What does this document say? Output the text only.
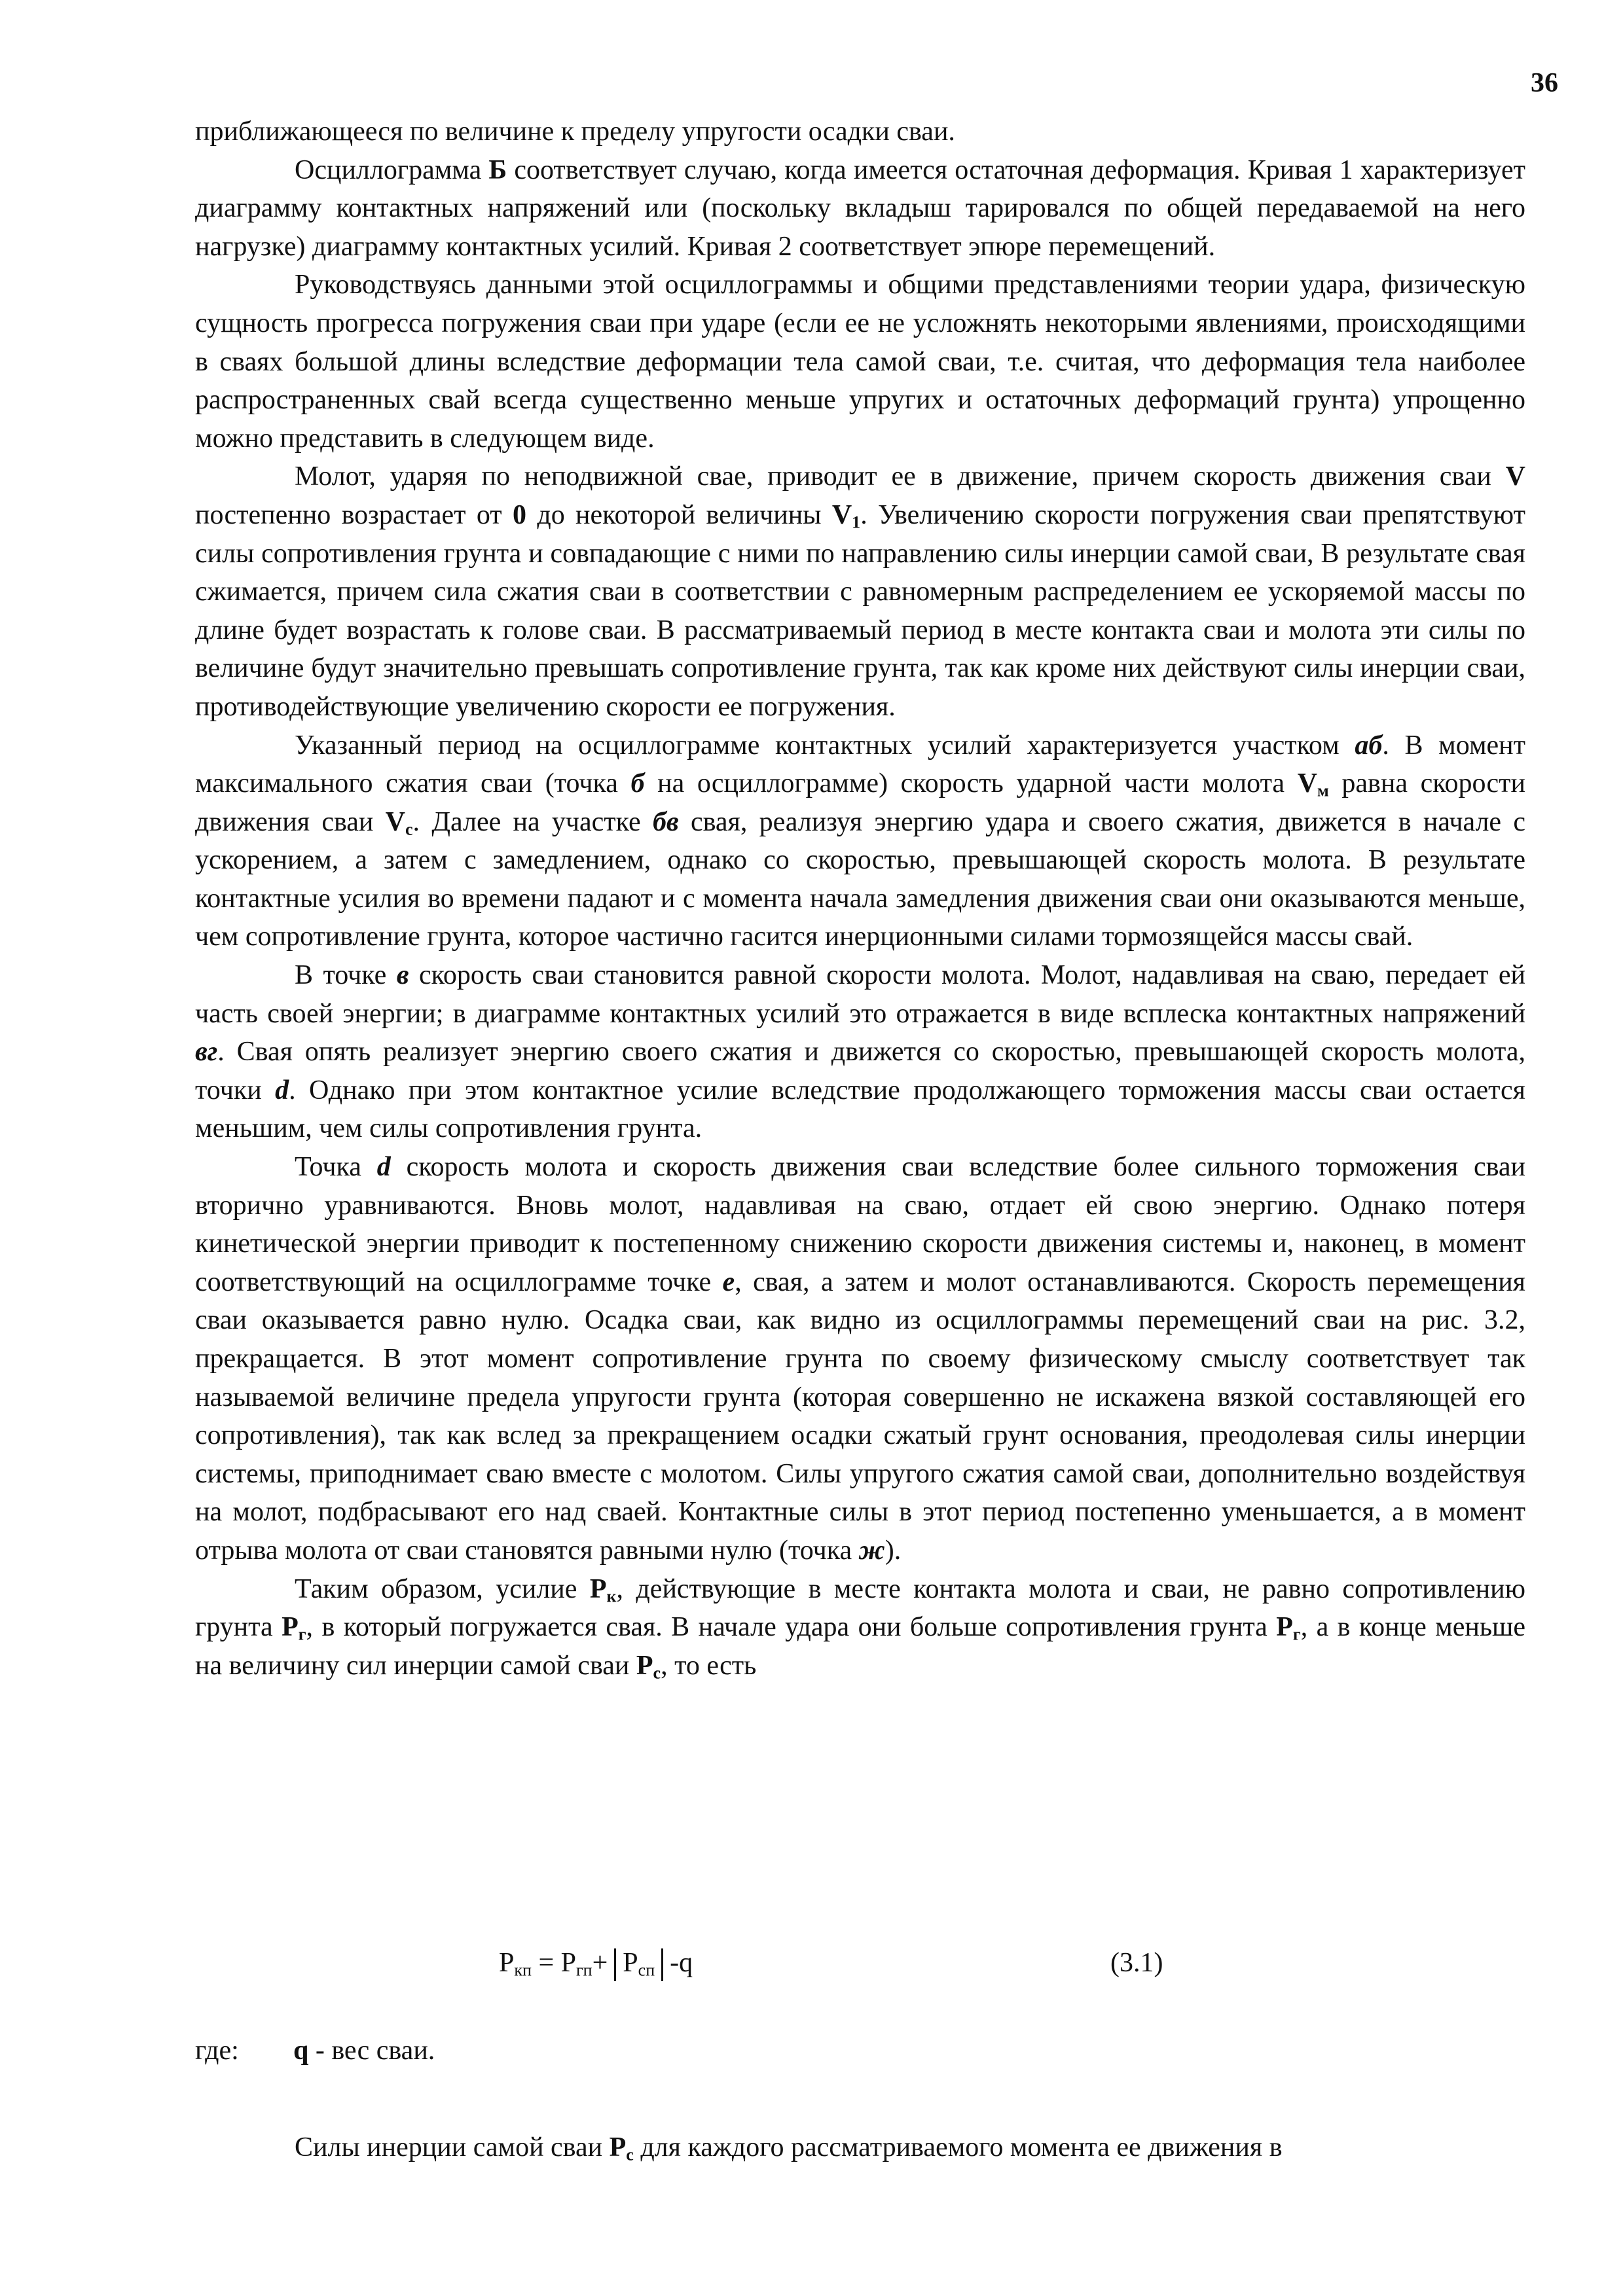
36

приближающееся по величине к пределу упругости осадки сваи.

Осциллограмма Б соответствует случаю, когда имеется остаточная деформация. Кривая 1 характеризует диаграмму контактных напряжений или (поскольку вкладыш тарировался по общей передаваемой на него нагрузке) диаграмму контактных усилий. Кривая 2 соответствует эпюре перемещений.

Руководствуясь данными этой осциллограммы и общими представлениями теории удара, физическую сущность прогресса погружения сваи при ударе (если ее не усложнять некоторыми явлениями, происходящими в сваях большой длины вследствие деформации тела самой сваи, т.е. считая, что деформация тела наиболее распространенных свай всегда существенно меньше упругих и остаточных деформаций грунта) упрощенно можно представить в следующем виде.

Молот, ударяя по неподвижной свае, приводит ее в движение, причем скорость движения сваи V постепенно возрастает от 0 до некоторой величины $V_1$. Увеличению скорости погружения сваи препятствуют силы сопротивления грунта и совпадающие с ними по направлению силы инерции самой сваи, В результате свая сжимается, причем сила сжатия сваи в соответствии с равномерным распределением ее ускоряемой массы по длине будет возрастать к голове сваи. В рассматриваемый период в месте контакта сваи и молота эти силы по величине будут значительно превышать сопротивление грунта, так как кроме них действуют силы инерции сваи, противодействующие увеличению скорости ее погружения.

Указанный период на осциллограмме контактных усилий характеризуется участком аб. В момент максимального сжатия сваи (точка б на осциллограмме) скорость ударной части молота $V_м$ равна скорости движения сваи $V_с$. Далее на участке бв свая, реализуя энергию удара и своего сжатия, движется в начале с ускорением, а затем с замедлением, однако со скоростью, превышающей скорость молота. В результате контактные усилия во времени падают и с момента начала замедления движения сваи они оказываются меньше, чем сопротивление грунта, которое частично гасится инерционными силами тормозящейся массы свай.

В точке в скорость сваи становится равной скорости молота. Молот, надавливая на сваю, передает ей часть своей энергии; в диаграмме контактных усилий это отражается в виде всплеска контактных напряжений вг. Свая опять реализует энергию своего сжатия и движется со скоростью, превышающей скорость молота, точки d. Однако при этом контактное усилие вследствие продолжающего торможения массы сваи остается меньшим, чем силы сопротивления грунта.

Точка d скорость молота и скорость движения сваи вследствие более сильного торможения сваи вторично уравниваются. Вновь молот, надавливая на сваю, отдает ей свою энергию. Однако потеря кинетической энергии приводит к постепенному снижению скорости движения системы и, наконец, в момент соответствующий на осциллограмме точке е, свая, а затем и молот останавливаются. Скорость перемещения сваи оказывается равно нулю. Осадка сваи, как видно из осциллограммы перемещений сваи на рис. 3.2, прекращается. В этот момент сопротивление грунта по своему физическому смыслу соответствует так называемой величине предела упругости грунта (которая совершенно не искажена вязкой составляющей его сопротивления), так как вслед за прекращением осадки сжатый грунт основания, преодолевая силы инерции системы, приподнимает сваю вместе с молотом. Силы упругого сжатия самой сваи, дополнительно воздействуя на молот, подбрасывают его над сваей. Контактные силы в этот период постепенно уменьшается, а в момент отрыва молота от сваи становятся равными нулю (точка ж).

Таким образом, усилие $P_к$, действующие в месте контакта молота и сваи, не равно сопротивлению грунта $P_г$, в который погружается свая. В начале удара они больше сопротивления грунта $P_г$, а в конце меньше на величину сил инерции самой сваи $P_с$, то есть

$P_{кп} = P_{гп}+ P_{сп}$ -q	(3.1)
где: q - вес сваи.

Силы инерции самой сваи $P_с$ для каждого рассматриваемого момента ее движения в
